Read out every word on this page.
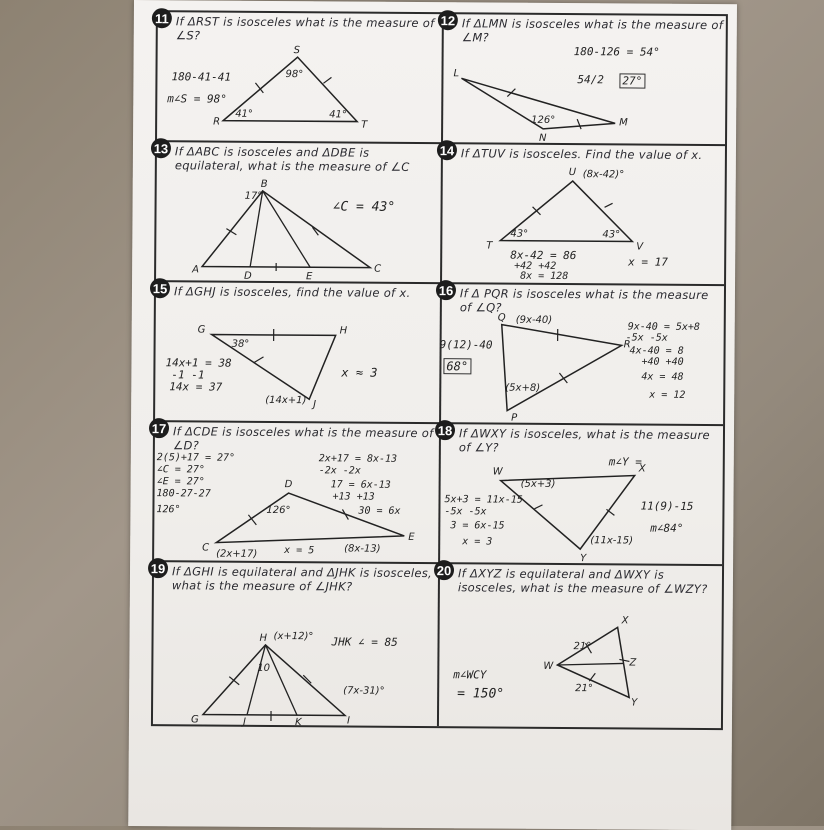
11 If ΔRST is isosceles what is the measure of ∠S?
S
R	T
41°	41°
98°
180-41-41
m∠S = 98°
12 If ΔLMN is isosceles what is the measure of ∠M?
L
M
N
126°
180-126 = 54°
54/2 27°
13 If ΔABC is isosceles and ΔDBE is equilateral, what is the measure of ∠C
B
A	C
D	E
17°
∠C = 43°
14 If ΔTUV is isosceles. Find the value of x.
U
T	V
(8x-42)°
43°	43°
8x-42 = 86
+42 +42
8x = 128
x = 17
15 If ΔGHJ is isosceles, find the value of x.
G	H
J
38°
(14x+1)
14x+1 = 38
-1 -1
14x = 37
x ≈ 3
16 If Δ PQR is isosceles what is the measure of ∠Q?
Q
R
P
(9x-40)
(5x+8)
9(12)-40
68°
9x-40 = 5x+8
-5x -5x
4x-40 = 8
+40 +40
4x = 48
x = 12
17 If ΔCDE is isosceles what is the measure of ∠D?
D
C
E
126°
(2x+17)	(8x-13)
2(5)+17 = 27°
∠C = 27°
∠E = 27°
180-27-27
126°
2x+17 = 8x-13
-2x -2x
17 = 6x-13
+13 +13
30 = 6x
x = 5
18 If ΔWXY is isosceles, what is the measure of ∠Y?
W	X
Y
(5x+3)
(11x-15)
m∠Y =
5x+3 = 11x-15
-5x -5x
3 = 6x-15
x = 3
11(9)-15
m∠84°
19 If ΔGHI is equilateral and ΔJHK is isosceles, what is the measure of ∠JHK?
H
G	I
J	K
(x+12)°
(7x-31)°
10
JHK ∠ = 85
20 If ΔXYZ is equilateral and ΔWXY is isosceles, what is the measure of ∠WZY?
X
W
Y
Z
21°
21°
m∠WCY
= 150°
